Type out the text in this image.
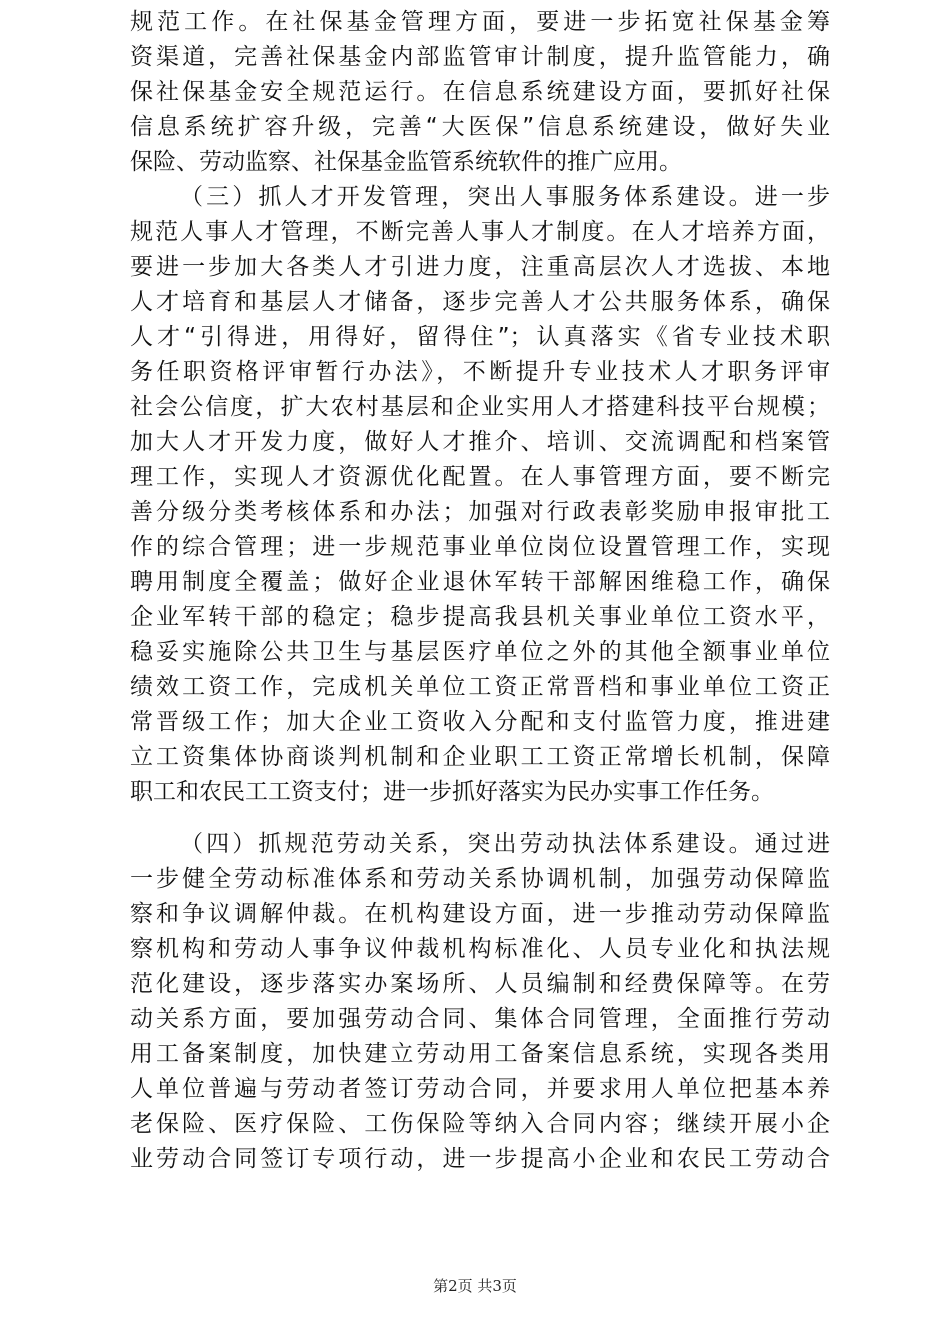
规范工作。在社保基金管理方面，要进一步拓宽社保基金筹
资渠道，完善社保基金内部监管审计制度，提升监管能力，确
保社保基金安全规范运行。在信息系统建设方面，要抓好社保
信息系统扩容升级，完善“大医保”信息系统建设，做好失业
保险、劳动监察、社保基金监管系统软件的推广应用。
（三）抓人才开发管理，突出人事服务体系建设。进一步
规范人事人才管理，不断完善人事人才制度。在人才培养方面，
要进一步加大各类人才引进力度，注重高层次人才选拔、本地
人才培育和基层人才储备，逐步完善人才公共服务体系，确保
人才“引得进，用得好，留得住”；认真落实《省专业技术职
务任职资格评审暂行办法》，不断提升专业技术人才职务评审
社会公信度，扩大农村基层和企业实用人才搭建科技平台规模；
加大人才开发力度，做好人才推介、培训、交流调配和档案管
理工作，实现人才资源优化配置。在人事管理方面，要不断完
善分级分类考核体系和办法；加强对行政表彰奖励申报审批工
作的综合管理；进一步规范事业单位岗位设置管理工作，实现
聘用制度全覆盖；做好企业退休军转干部解困维稳工作，确保
企业军转干部的稳定；稳步提高我县机关事业单位工资水平，
稳妥实施除公共卫生与基层医疗单位之外的其他全额事业单位
绩效工资工作，完成机关单位工资正常晋档和事业单位工资正
常晋级工作；加大企业工资收入分配和支付监管力度，推进建
立工资集体协商谈判机制和企业职工工资正常增长机制，保障
职工和农民工工资支付；进一步抓好落实为民办实事工作任务。
（四）抓规范劳动关系，突出劳动执法体系建设。通过进
一步健全劳动标准体系和劳动关系协调机制，加强劳动保障监
察和争议调解仲裁。在机构建设方面，进一步推动劳动保障监
察机构和劳动人事争议仲裁机构标准化、人员专业化和执法规
范化建设，逐步落实办案场所、人员编制和经费保障等。在劳
动关系方面，要加强劳动合同、集体合同管理，全面推行劳动
用工备案制度，加快建立劳动用工备案信息系统，实现各类用
人单位普遍与劳动者签订劳动合同，并要求用人单位把基本养
老保险、医疗保险、工伤保险等纳入合同内容；继续开展小企
业劳动合同签订专项行动，进一步提高小企业和农民工劳动合
第2页 共3页
